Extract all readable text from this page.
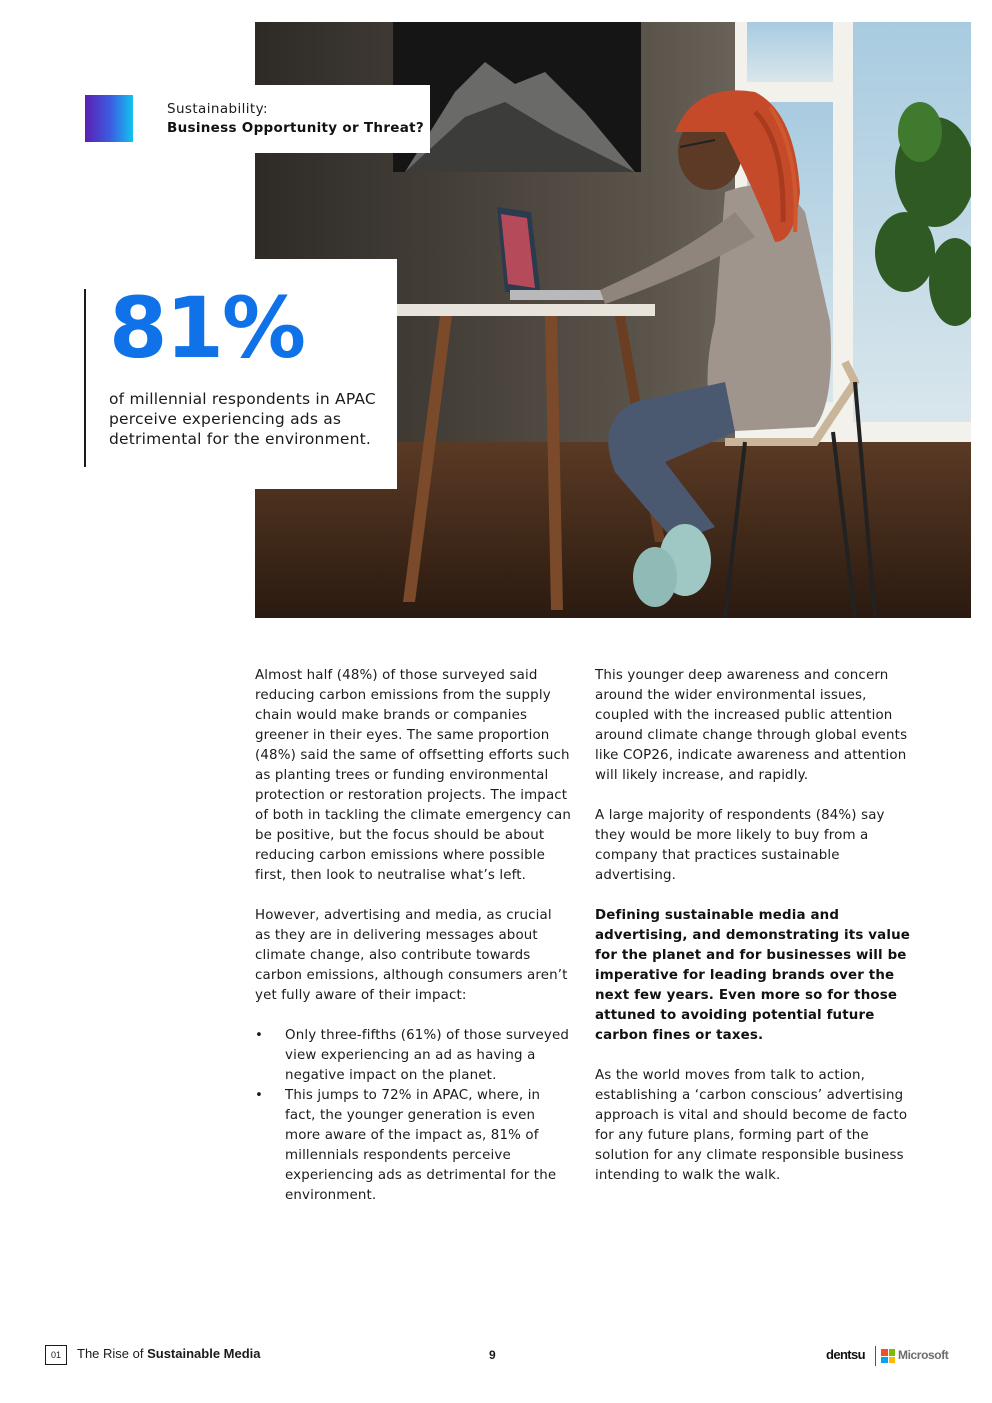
Sustainability:
Business Opportunity or Threat?
81%
of millennial respondents in APAC perceive experiencing ads as detrimental for the environment.

Almost half (48%) of those surveyed said reducing carbon emissions from the supply chain would make brands or companies greener in their eyes. The same proportion (48%) said the same of offsetting efforts such as planting trees or funding environmental protection or restoration projects. The impact of both in tackling the climate emergency can be positive, but the focus should be about reducing carbon emissions where possible first, then look to neutralise what’s left.

However, advertising and media, as crucial as they are in delivering messages about climate change, also contribute towards carbon emissions, although consumers aren’t yet fully aware of their impact:

• Only three-fifths (61%) of those surveyed view experiencing an ad as having a negative impact on the planet.
• This jumps to 72% in APAC, where, in fact, the younger generation is even more aware of the impact as, 81% of millennials respondents perceive experiencing ads as detrimental for the environment.

This younger deep awareness and concern around the wider environmental issues, coupled with the increased public attention around climate change through global events like COP26, indicate awareness and attention will likely increase, and rapidly.

A large majority of respondents (84%) say they would be more likely to buy from a company that practices sustainable advertising.

Defining sustainable media and advertising, and demonstrating its value for the planet and for businesses will be imperative for leading brands over the next few years. Even more so for those attuned to avoiding potential future carbon fines or taxes.

As the world moves from talk to action, establishing a ‘carbon conscious’ advertising approach is vital and should become de facto for any future plans, forming part of the solution for any climate responsible business intending to walk the walk.

01	The Rise of Sustainable Media	9	dentsu	Microsoft
